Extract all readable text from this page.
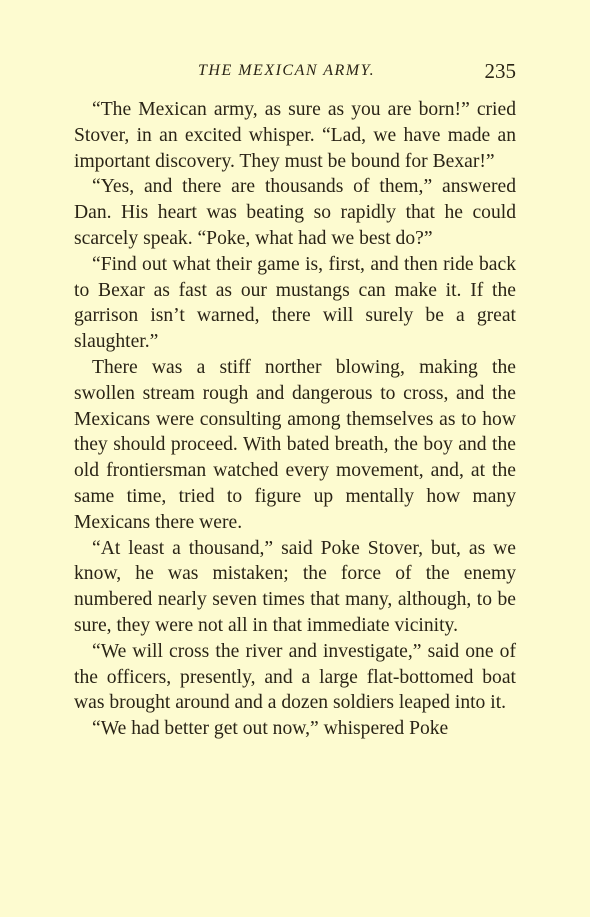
THE MEXICAN ARMY.	235

“The Mexican army, as sure as you are born!” cried Stover, in an excited whisper. “Lad, we have made an important discovery. They must be bound for Bexar!”

“Yes, and there are thousands of them,” answered Dan. His heart was beating so rapidly that he could scarcely speak. “Poke, what had we best do?”

“Find out what their game is, first, and then ride back to Bexar as fast as our mustangs can make it. If the garrison isn’t warned, there will surely be a great slaughter.”

There was a stiff norther blowing, making the swollen stream rough and dangerous to cross, and the Mexicans were consulting among themselves as to how they should proceed. With bated breath, the boy and the old frontiersman watched every movement, and, at the same time, tried to figure up mentally how many Mexicans there were.

“At least a thousand,” said Poke Stover, but, as we know, he was mistaken; the force of the enemy numbered nearly seven times that many, although, to be sure, they were not all in that immediate vicinity.

“We will cross the river and investigate,” said one of the officers, presently, and a large flat-bottomed boat was brought around and a dozen soldiers leaped into it.

“We had better get out now,” whispered Poke
